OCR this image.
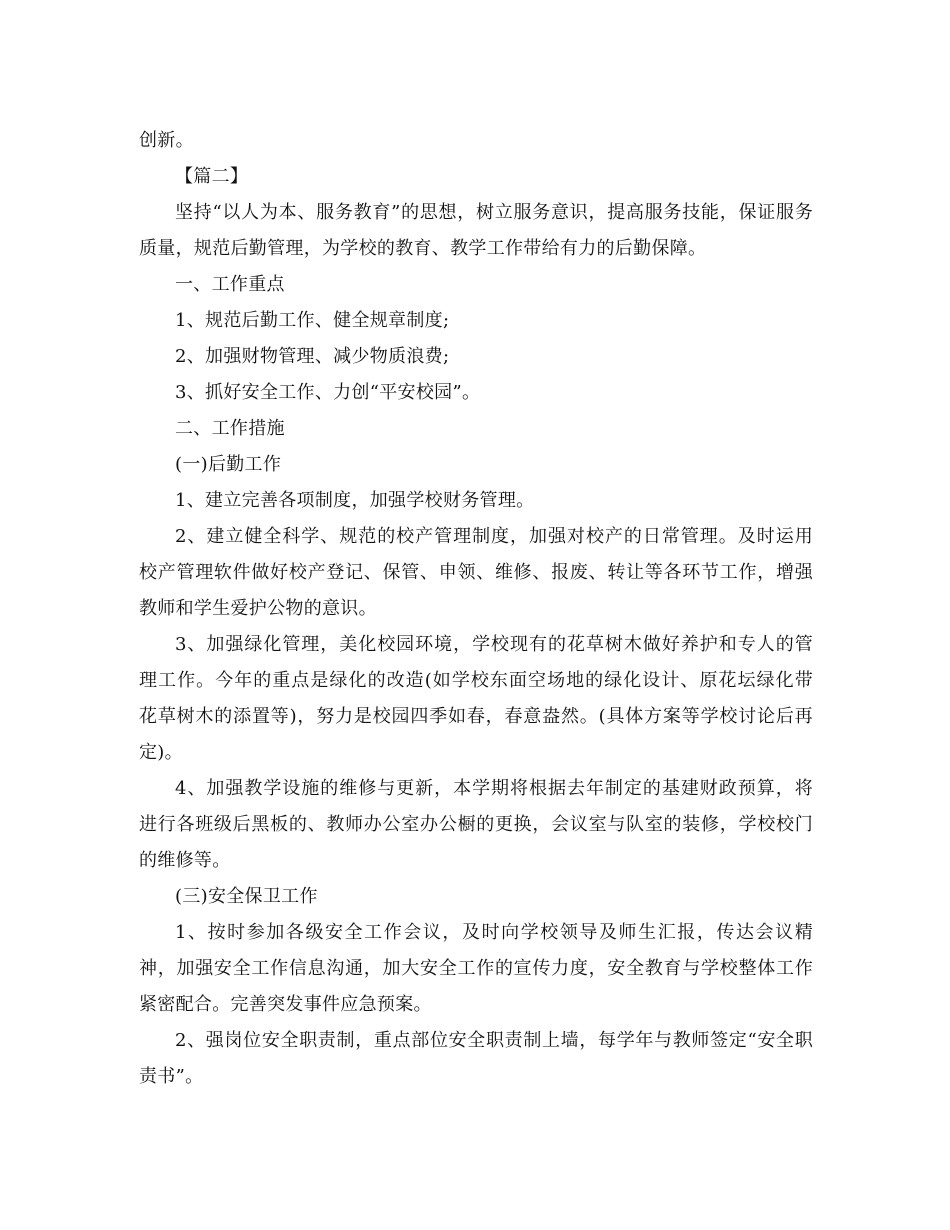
创新。
【篇二】
坚持“以人为本、服务教育”的思想，树立服务意识，提高服务技能，保证服务
质量，规范后勤管理，为学校的教育、教学工作带给有力的后勤保障。
一、工作重点
1、规范后勤工作、健全规章制度;
2、加强财物管理、减少物质浪费;
3、抓好安全工作、力创“平安校园”。
二、工作措施
(一)后勤工作
1、建立完善各项制度，加强学校财务管理。
2、建立健全科学、规范的校产管理制度，加强对校产的日常管理。及时运用
校产管理软件做好校产登记、保管、申领、维修、报废、转让等各环节工作，增强
教师和学生爱护公物的意识。
3、加强绿化管理，美化校园环境，学校现有的花草树木做好养护和专人的管
理工作。今年的重点是绿化的改造(如学校东面空场地的绿化设计、原花坛绿化带
花草树木的添置等)，努力是校园四季如春，春意盎然。(具体方案等学校讨论后再
定)。
4、加强教学设施的维修与更新，本学期将根据去年制定的基建财政预算，将
进行各班级后黑板的、教师办公室办公橱的更换，会议室与队室的装修，学校校门
的维修等。
(三)安全保卫工作
1、按时参加各级安全工作会议，及时向学校领导及师生汇报，传达会议精
神，加强安全工作信息沟通，加大安全工作的宣传力度，安全教育与学校整体工作
紧密配合。完善突发事件应急预案。
2、强岗位安全职责制，重点部位安全职责制上墙，每学年与教师签定“安全职
责书”。
